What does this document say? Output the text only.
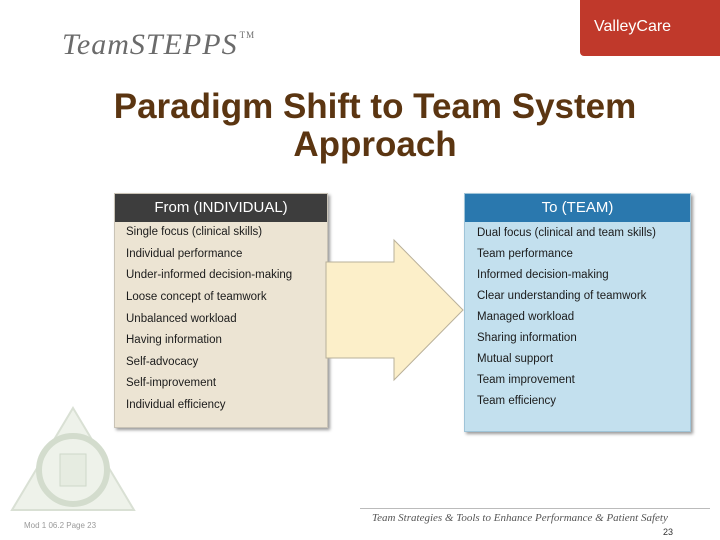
ValleyCare
TeamSTEPPS ™
Paradigm Shift to Team System
Approach
From (INDIVIDUAL)	To (TEAM)
Single focus (clinical skills)
Individual performance
Under-informed decision-making
Loose concept of teamwork
Unbalanced workload
Having information
Self-advocacy
Self-improvement
Individual efficiency
Dual focus (clinical and team skills)
Team performance
Informed decision-making
Clear understanding of teamwork
Managed workload
Sharing information
Mutual support
Team improvement
Team efficiency
Mod 1 06.2 Page 23
Team Strategies & Tools to Enhance Performance & Patient Safety
23
